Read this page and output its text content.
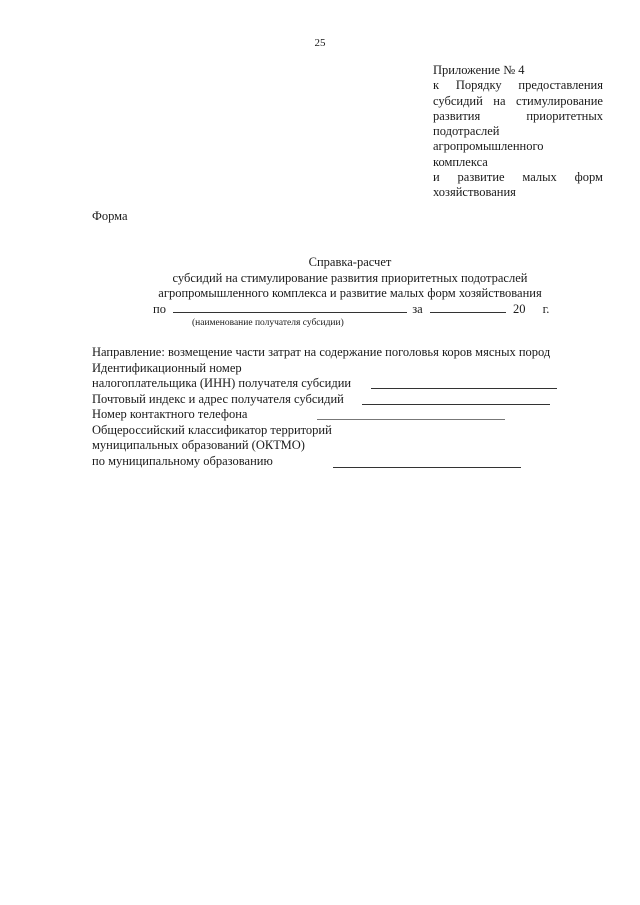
25
Приложение № 4
к Порядку предоставления
субсидий на стимулирование
развития	приоритетных
подотраслей
агропромышленного
комплекса
и развитие малых форм
хозяйствования
Форма
Справка-расчет
субсидий на стимулирование развития приоритетных подотраслей
агропромышленного комплекса и развитие малых форм хозяйствования
по	за	20 г.
(наименование получателя субсидии)
Направление: возмещение части затрат на содержание поголовья коров мясных пород
Идентификационный номер
налогоплательщика (ИНН) получателя субсидии
Почтовый индекс и адрес получателя субсидий
Номер контактного телефона
Общероссийский классификатор территорий
муниципальных образований (ОКТМО)
по муниципальному образованию
